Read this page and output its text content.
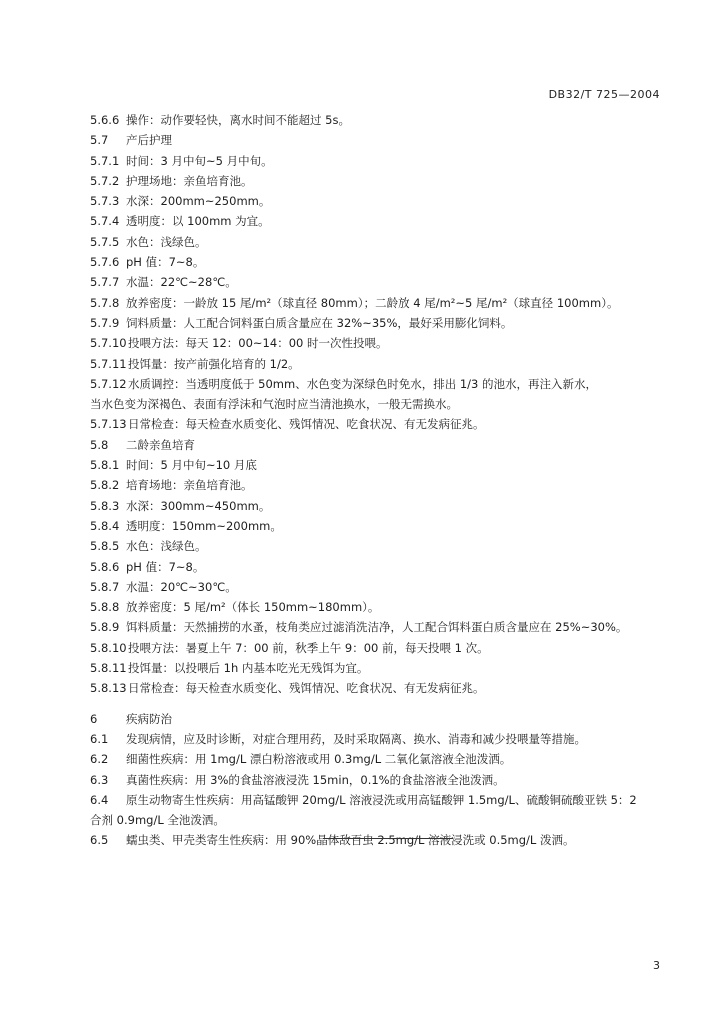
DB32/T 725—2004
5.6.6 操作：动作要轻快，离水时间不能超过 5s。
5.7 产后护理
5.7.1 时间：3 月中旬~5 月中旬。
5.7.2 护理场地：亲鱼培育池。
5.7.3 水深：200mm~250mm。
5.7.4 透明度：以 100mm 为宜。
5.7.5 水色：浅绿色。
5.7.6 pH 值：7~8。
5.7.7 水温：22℃~28℃。
5.7.8 放养密度：一龄放 15 尾/m²（球直径 80mm）；二龄放 4 尾/m²~5 尾/m²（球直径 100mm）。
5.7.9 饲料质量：人工配合饲料蛋白质含量应在 32%~35%，最好采用膨化饲料。
5.7.10投喂方法：每天 12：00~14：00 时一次性投喂。
5.7.11投饵量：按产前强化培育的 1/2。
5.7.12水质调控：当透明度低于 50mm、水色变为深绿色时免水，排出 1/3 的池水，再注入新水，
当水色变为深褐色、表面有浮沫和气泡时应当清池换水，一般无需换水。
5.7.13日常检查：每天检查水质变化、残饵情况、吃食状况、有无发病征兆。
5.8 二龄亲鱼培育
5.8.1 时间：5 月中旬~10 月底
5.8.2 培育场地：亲鱼培育池。
5.8.3 水深：300mm~450mm。
5.8.4 透明度：150mm~200mm。
5.8.5 水色：浅绿色。
5.8.6 pH 值：7~8。
5.8.7 水温：20℃~30℃。
5.8.8 放养密度：5 尾/m²（体长 150mm~180mm）。
5.8.9 饵料质量：天然捕捞的水蚤，枝角类应过滤消洗洁净，人工配合饵料蛋白质含量应在 25%~30%。
5.8.10投喂方法：暑夏上午 7：00 前，秋季上午 9：00 前，每天投喂 1 次。
5.8.11投饵量：以投喂后 1h 内基本吃光无残饵为宜。
5.8.13日常检查：每天检查水质变化、残饵情况、吃食状况、有无发病征兆。
6 疾病防治
6.1 发现病情，应及时诊断，对症合理用药，及时采取隔离、换水、消毒和减少投喂量等措施。
6.2 细菌性疾病：用 1mg/L 漂白粉溶液或用 0.3mg/L 二氧化氯溶液全池泼洒。
6.3 真菌性疾病：用 3%的食盐溶液浸洗 15min，0.1%的食盐溶液全池泼洒。
6.4 原生动物寄生性疾病：用高锰酸钾 20mg/L 溶液浸洗或用高锰酸钾 1.5mg/L、硫酸铜硫酸亚铁 5：2
合剂 0.9mg/L 全池泼洒。
6.5 蠕虫类、甲壳类寄生性疾病：用 90%晶体敌百虫 2.5mg/L 溶液浸洗或 0.5mg/L 泼洒。
3
